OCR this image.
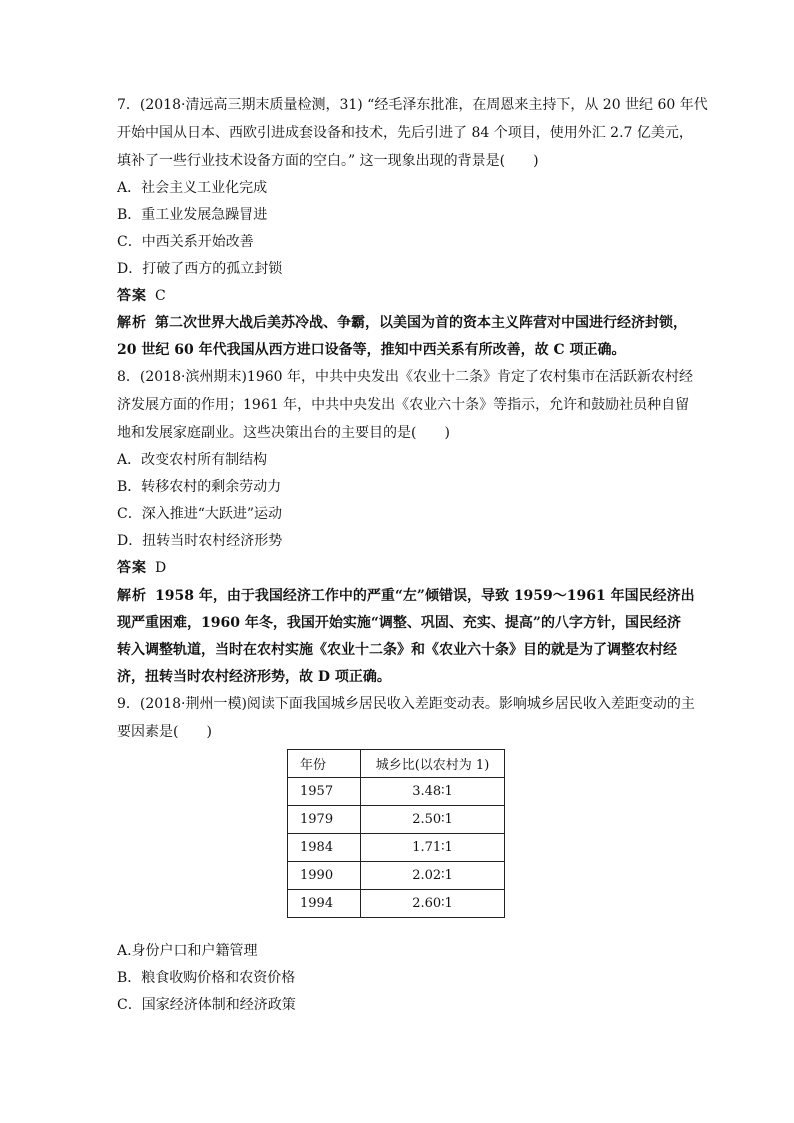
7．(2018·清远高三期末质量检测，31) “经毛泽东批准，在周恩来主持下，从 20 世纪 60 年代
开始中国从日本、西欧引进成套设备和技术，先后引进了 84 个项目，使用外汇 2.7 亿美元，
填补了一些行业技术设备方面的空白。” 这一现象出现的背景是(　　)
A．社会主义工业化完成
B．重工业发展急躁冒进
C．中西关系开始改善
D．打破了西方的孤立封锁
答案 C
解析 第二次世界大战后美苏冷战、争霸，以美国为首的资本主义阵营对中国进行经济封锁，
20 世纪 60 年代我国从西方进口设备等，推知中西关系有所改善，故 C 项正确。
8．(2018·滨州期末)1960 年，中共中央发出《农业十二条》肯定了农村集市在活跃新农村经
济发展方面的作用；1961 年，中共中央发出《农业六十条》等指示，允许和鼓励社员种自留
地和发展家庭副业。这些决策出台的主要目的是(　　)
A．改变农村所有制结构
B．转移农村的剩余劳动力
C．深入推进“大跃进”运动
D．扭转当时农村经济形势
答案 D
解析 1958 年，由于我国经济工作中的严重“左”倾错误，导致 1959～1961 年国民经济出
现严重困难，1960 年冬，我国开始实施“调整、巩固、充实、提高”的八字方针，国民经济
转入调整轨道，当时在农村实施《农业十二条》和《农业六十条》目的就是为了调整农村经
济，扭转当时农村经济形势，故 D 项正确。
9．(2018·荆州一模)阅读下面我国城乡居民收入差距变动表。影响城乡居民收入差距变动的主
要因素是(　　)
年份	城乡比(以农村为 1)
1957	3.48∶1
1979	2.50∶1
1984	1.71∶1
1990	2.02∶1
1994	2.60∶1
A.身份户口和户籍管理
B．粮食收购价格和农资价格
C．国家经济体制和经济政策
